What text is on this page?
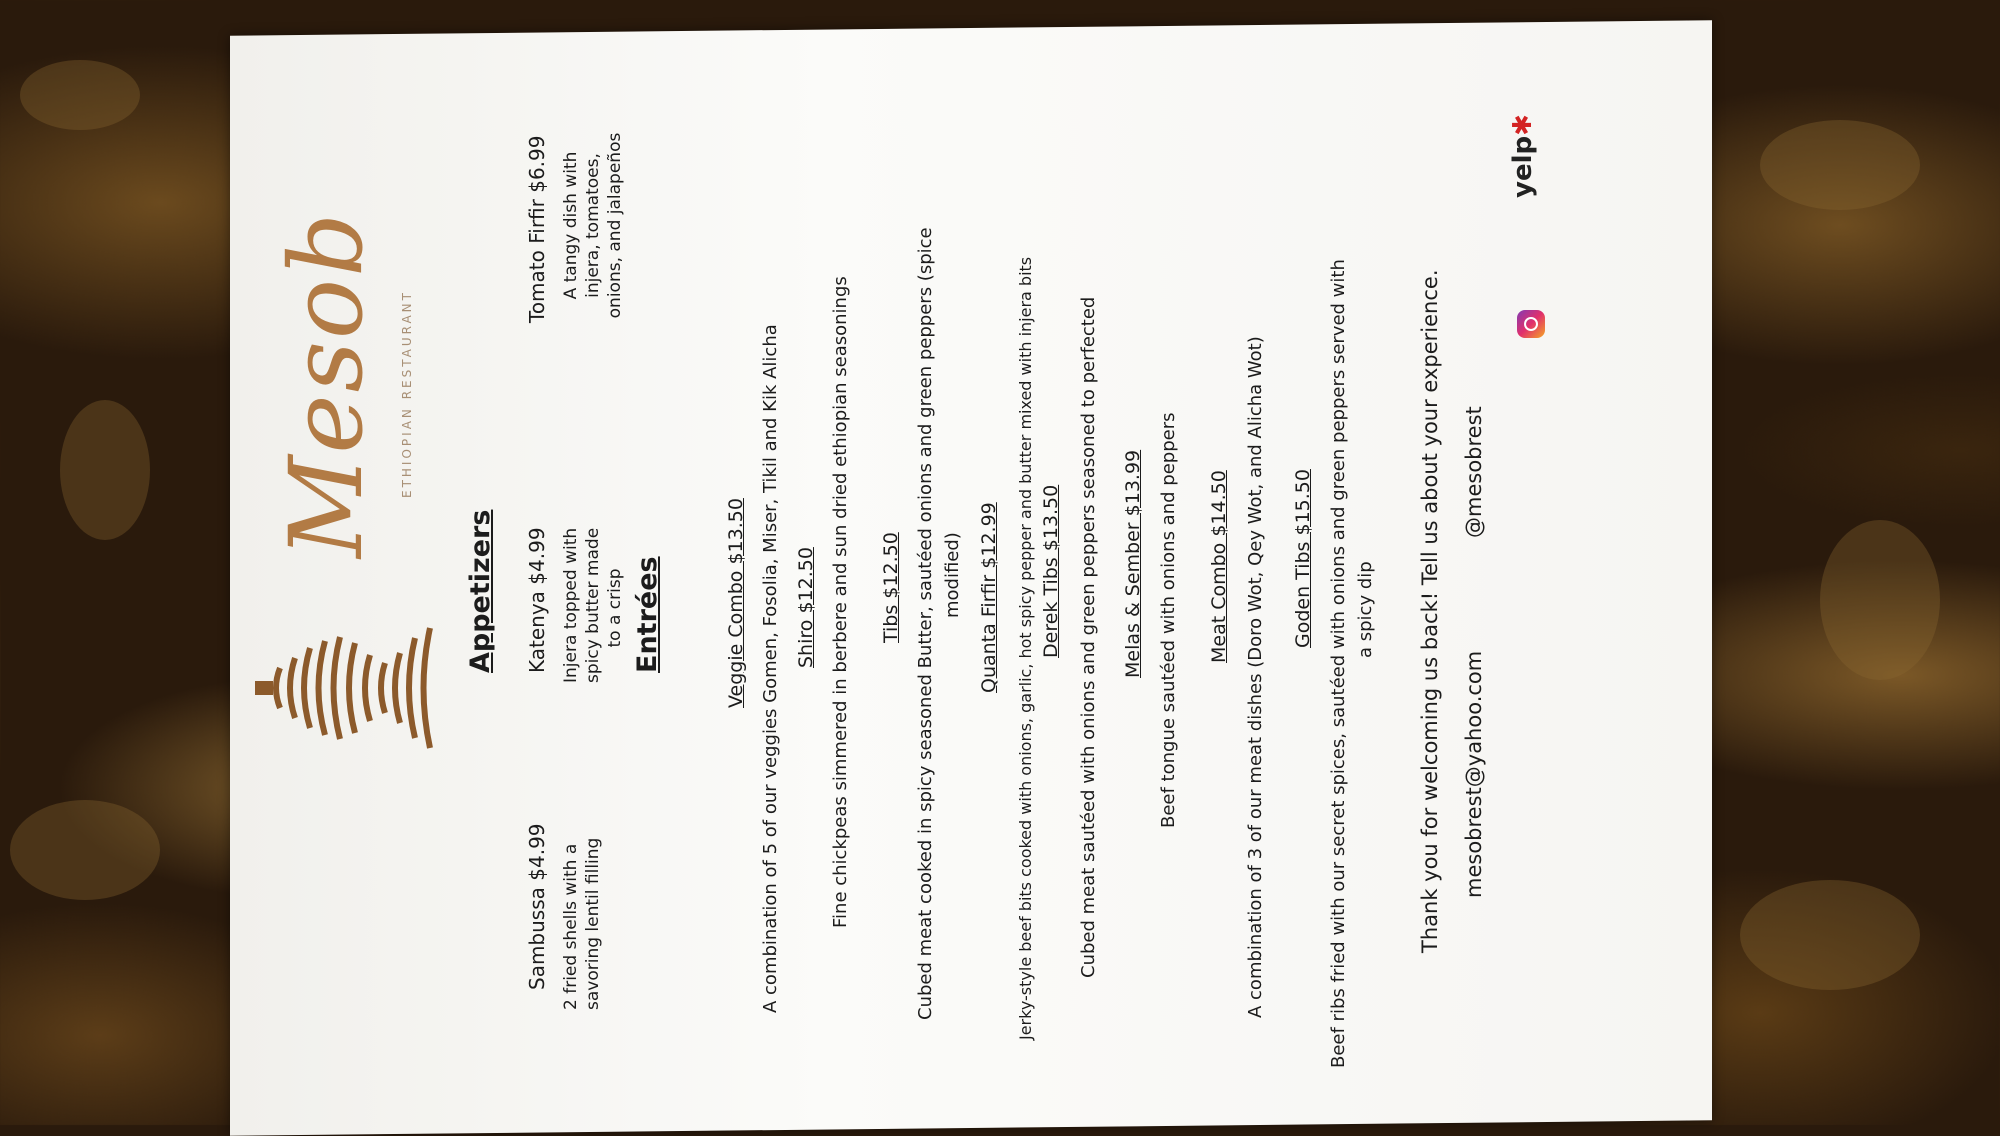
Mesob ETHIOPIAN RESTAURANT
Appetizers
Sambussa $4.99 2 fried shells with a savoring lentil filling
Katenya $4.99 Injera topped with spicy butter made to a crisp
Tomato Firfir $6.99 A tangy dish with injera, tomatoes, onions, and jalapeños
Entrées	Veggie Combo $13.50 A combination of 5 of our veggies Gomen, Fosolia, Miser, Tikil and Kik Alicha Shiro $12.50 Fine chickpeas simmered in berbere and sun dried ethiopian seasonings Tibs $12.50 Cubed meat cooked in spicy seasoned Butter, sautéed onions and green peppers (spice modified) Quanta Firfir $12.99 Jerky-style beef bits cooked with onions, garlic, hot spicy pepper and butter mixed with injera bits Derek Tibs $13.50 Cubed meat sautéed with onions and green peppers seasoned to perfected Melas & Sember $13.99 Beef tongue sautéed with onions and peppers Meat Combo $14.50 A combination of 3 of our meat dishes (Doro Wot, Qey Wot, and Alicha Wot) Goden Tibs $15.50 Beef ribs fried with our secret spices, sautéed with onions and green peppers served with a spicy dip Thank you for welcoming us back! Tell us about your experience. mesobrest@yahoo.com
@mesobrest
yelp✱
